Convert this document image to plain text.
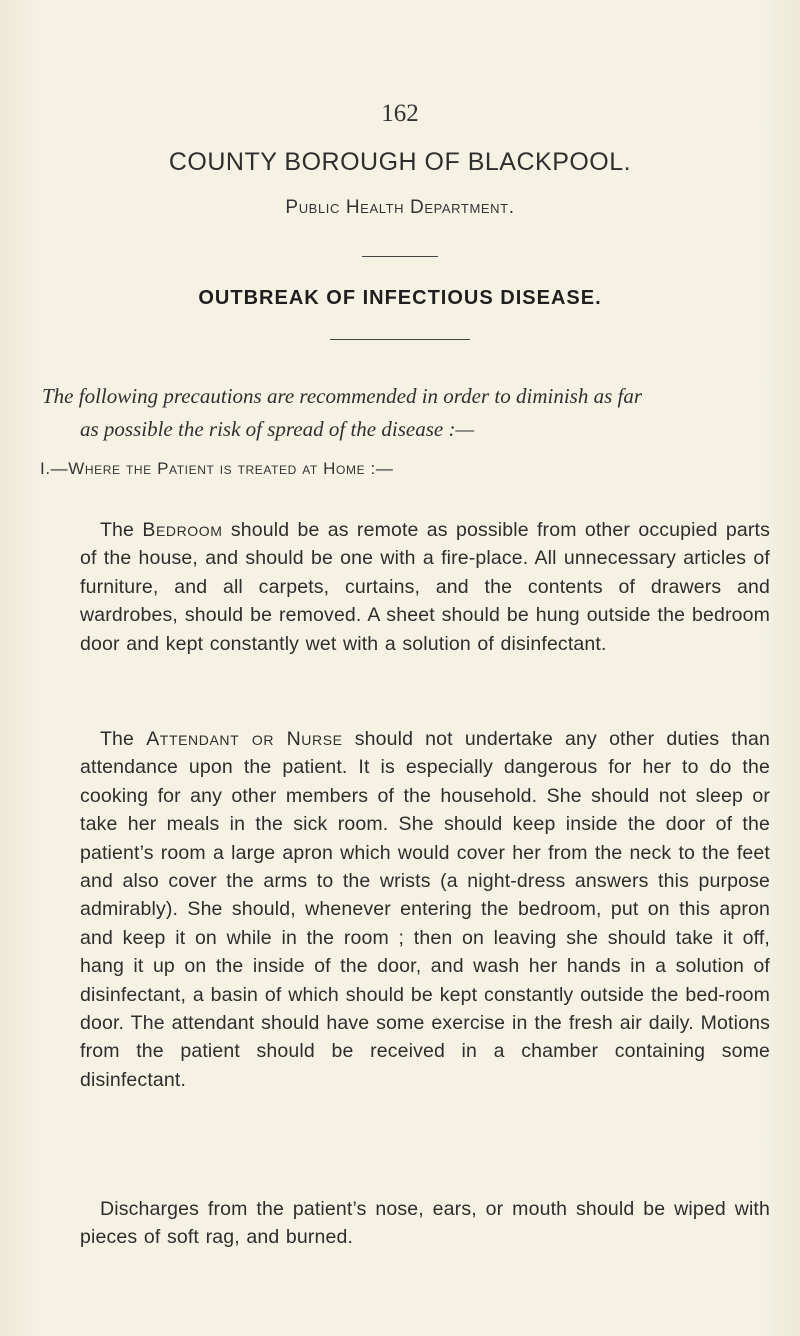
162
COUNTY BOROUGH OF BLACKPOOL.
Public Health Department.
OUTBREAK OF INFECTIOUS DISEASE.
The following precautions are recommended in order to diminish as far
as possible the risk of spread of the disease :—
I.—Where the Patient is treated at Home :—

The Bedroom should be as remote as possible from other occupied parts of the house, and should be one with a fire-place. All unnecessary articles of furniture, and all carpets, curtains, and the contents of drawers and wardrobes, should be removed. A sheet should be hung outside the bedroom door and kept constantly wet with a solution of disinfectant.

The Attendant or Nurse should not undertake any other duties than attendance upon the patient. It is especially dangerous for her to do the cooking for any other members of the household. She should not sleep or take her meals in the sick room. She should keep inside the door of the patient’s room a large apron which would cover her from the neck to the feet and also cover the arms to the wrists (a night-dress answers this purpose admirably). She should, whenever entering the bedroom, put on this apron and keep it on while in the room ; then on leaving she should take it off, hang it up on the inside of the door, and wash her hands in a solution of disinfectant, a basin of which should be kept constantly outside the bed-room door. The attendant should have some exercise in the fresh air daily. Motions from the patient should be received in a chamber containing some disinfectant.

Discharges from the patient’s nose, ears, or mouth should be wiped with pieces of soft rag, and burned.
